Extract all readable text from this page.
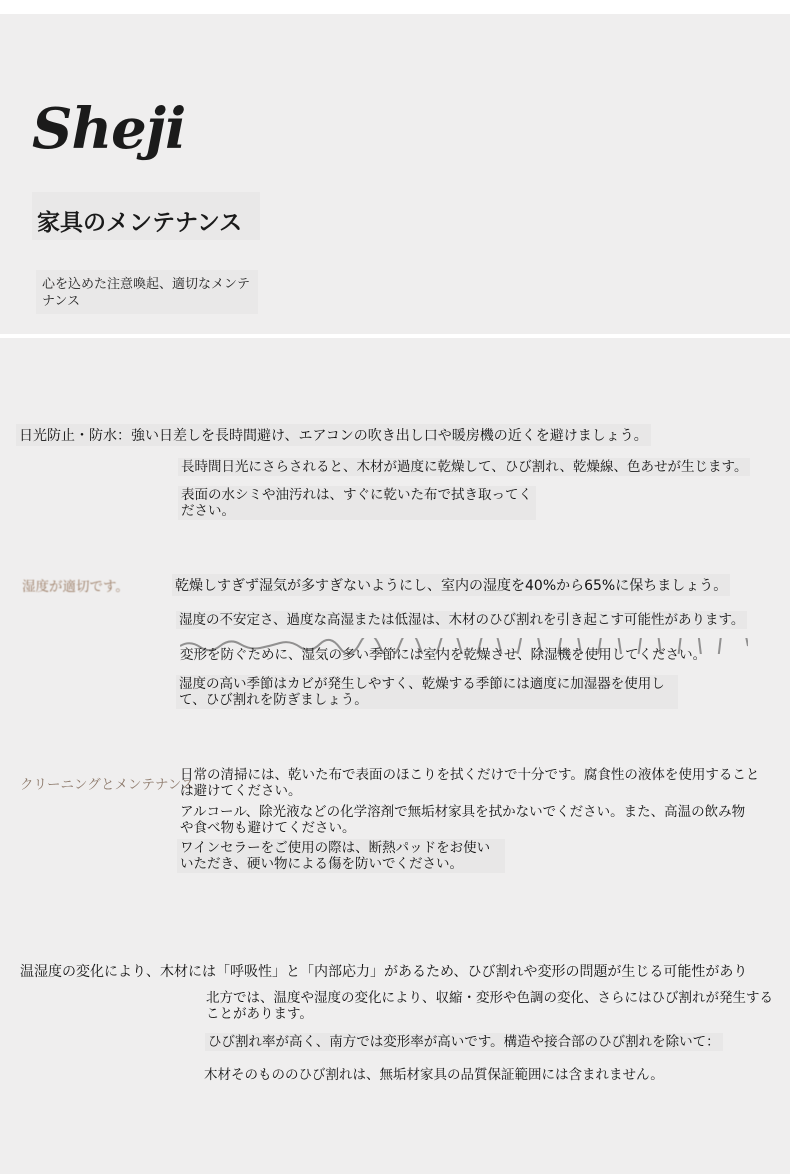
Sheji
家具のメンテナンス
心を込めた注意喚起、適切なメンテナンス
日光防止・防水：強い日差しを長時間避け、エアコンの吹き出し口や暖房機の近くを避けましょう。
長時間日光にさらされると、木材が過度に乾燥して、ひび割れ、乾燥線、色あせが生じます。
表面の水シミや油汚れは、すぐに乾いた布で拭き取ってください。
湿度が適切です。	乾燥しすぎず湿気が多すぎないようにし、室内の湿度を40%から65%に保ちましょう。
湿度の不安定さ、過度な高湿または低湿は、木材のひび割れを引き起こす可能性があります。
変形を防ぐために、湿気の多い季節には室内を乾燥させ、除湿機を使用してください。
湿度の高い季節はカビが発生しやすく、乾燥する季節には適度に加湿器を使用して、ひび割れを防ぎましょう。
クリーニングとメンテナンス
日常の清掃には、乾いた布で表面のほこりを拭くだけで十分です。腐食性の液体を使用することは避けてください。
アルコール、除光液などの化学溶剤で無垢材家具を拭かないでください。また、高温の飲み物や食べ物も避けてください。
ワインセラーをご使用の際は、断熱パッドをお使いいただき、硬い物による傷を防いでください。
温湿度の変化により、木材には「呼吸性」と「内部応力」があるため、ひび割れや変形の問題が生じる可能性があり
北方では、温度や湿度の変化により、収縮・変形や色調の変化、さらにはひび割れが発生することがあります。
ひび割れ率が高く、南方では変形率が高いです。構造や接合部のひび割れを除いて：
木材そのもののひび割れは、無垢材家具の品質保証範囲には含まれません。
